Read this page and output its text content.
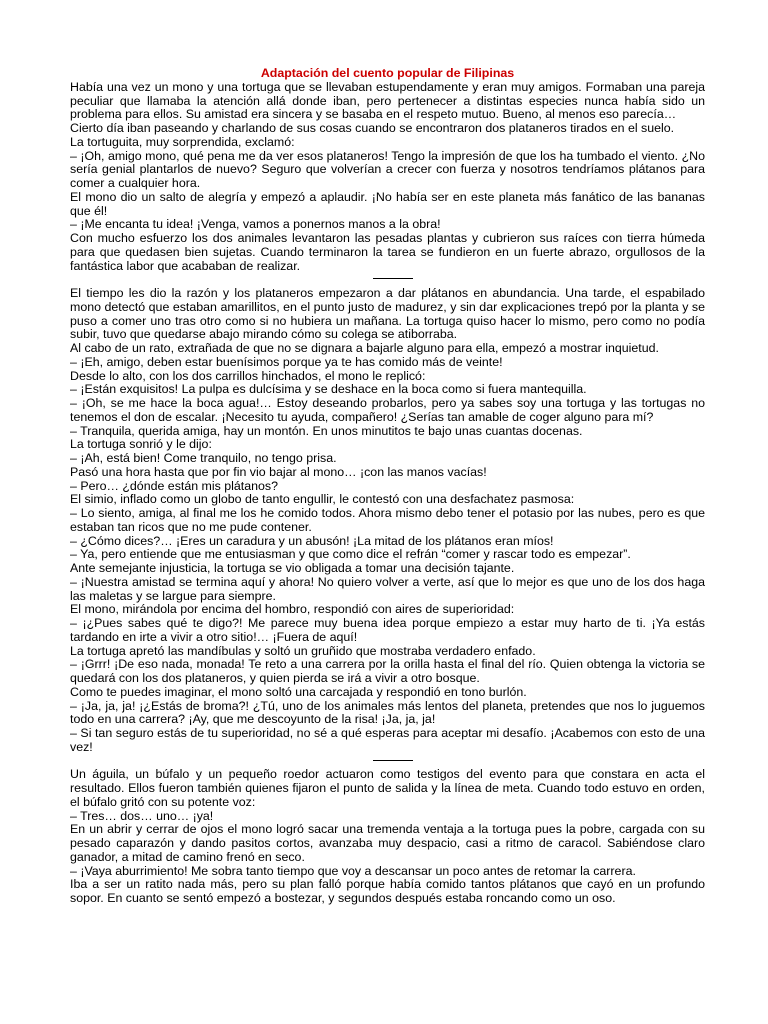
Adaptación del cuento popular de Filipinas
Había una vez un mono y una tortuga que se llevaban estupendamente y eran muy amigos. Formaban una pareja peculiar que llamaba la atención allá donde iban, pero pertenecer a distintas especies nunca había sido un problema para ellos. Su amistad era sincera y se basaba en el respeto mutuo. Bueno, al menos eso parecía…
Cierto día iban paseando y charlando de sus cosas cuando se encontraron dos plataneros tirados en el suelo.
La tortuguita, muy sorprendida, exclamó:
– ¡Oh, amigo mono, qué pena me da ver esos plataneros! Tengo la impresión de que los ha tumbado el viento. ¿No sería genial plantarlos de nuevo? Seguro que volverían a crecer con fuerza y nosotros tendríamos plátanos para comer a cualquier hora.
El mono dio un salto de alegría y empezó a aplaudir. ¡No había ser en este planeta más fanático de las bananas que él!
– ¡Me encanta tu idea! ¡Venga, vamos a ponernos manos a la obra!
Con mucho esfuerzo los dos animales levantaron las pesadas plantas y cubrieron sus raíces con tierra húmeda para que quedasen bien sujetas. Cuando terminaron la tarea se fundieron en un fuerte abrazo, orgullosos de la fantástica labor que acababan de realizar.
El tiempo les dio la razón y los plataneros empezaron a dar plátanos en abundancia. Una tarde, el espabilado mono detectó que estaban amarillitos, en el punto justo de madurez, y sin dar explicaciones trepó por la planta y se puso a comer uno tras otro como si no hubiera un mañana. La tortuga quiso hacer lo mismo, pero como no podía subir, tuvo que quedarse abajo mirando cómo su colega se atiborraba.
Al cabo de un rato, extrañada de que no se dignara a bajarle alguno para ella, empezó a mostrar inquietud.
– ¡Eh, amigo, deben estar buenísimos porque ya te has comido más de veinte!
Desde lo alto, con los dos carrillos hinchados, el mono le replicó:
– ¡Están exquisitos! La pulpa es dulcísima y se deshace en la boca como si fuera mantequilla.
– ¡Oh, se me hace la boca agua!… Estoy deseando probarlos, pero ya sabes soy una tortuga y las tortugas no tenemos el don de escalar. ¡Necesito tu ayuda, compañero! ¿Serías tan amable de coger alguno para mí?
– Tranquila, querida amiga, hay un montón. En unos minutitos te bajo unas cuantas docenas.
La tortuga sonrió y le dijo:
– ¡Ah, está bien! Come tranquilo, no tengo prisa.
Pasó una hora hasta que por fin vio bajar al mono… ¡con las manos vacías!
– Pero… ¿dónde están mis plátanos?
El simio, inflado como un globo de tanto engullir, le contestó con una desfachatez pasmosa:
– Lo siento, amiga, al final me los he comido todos. Ahora mismo debo tener el potasio por las nubes, pero es que estaban tan ricos que no me pude contener.
– ¿Cómo dices?… ¡Eres un caradura y un abusón! ¡La mitad de los plátanos eran míos!
– Ya, pero entiende que me entusiasman y que como dice el refrán “comer y rascar todo es empezar”.
Ante semejante injusticia, la tortuga se vio obligada a tomar una decisión tajante.
– ¡Nuestra amistad se termina aquí y ahora! No quiero volver a verte, así que lo mejor es que uno de los dos haga las maletas y se largue para siempre.
El mono, mirándola por encima del hombro, respondió con aires de superioridad:
– ¡¿Pues sabes qué te digo?! Me parece muy buena idea porque empiezo a estar muy harto de ti. ¡Ya estás tardando en irte a vivir a otro sitio!… ¡Fuera de aquí!
La tortuga apretó las mandíbulas y soltó un gruñido que mostraba verdadero enfado.
– ¡Grrr! ¡De eso nada, monada! Te reto a una carrera por la orilla hasta el final del río. Quien obtenga la victoria se quedará con los dos plataneros, y quien pierda se irá a vivir a otro bosque.
Como te puedes imaginar, el mono soltó una carcajada y respondió en tono burlón.
– ¡Ja, ja, ja! ¡¿Estás de broma?! ¿Tú, uno de los animales más lentos del planeta, pretendes que nos lo juguemos todo en una carrera? ¡Ay, que me descoyunto de la risa! ¡Ja, ja, ja!
– Si tan seguro estás de tu superioridad, no sé a qué esperas para aceptar mi desafío. ¡Acabemos con esto de una vez!
Un águila, un búfalo y un pequeño roedor actuaron como testigos del evento para que constara en acta el resultado. Ellos fueron también quienes fijaron el punto de salida y la línea de meta. Cuando todo estuvo en orden, el búfalo gritó con su potente voz:
– Tres… dos… uno… ¡ya!
En un abrir y cerrar de ojos el mono logró sacar una tremenda ventaja a la tortuga pues la pobre, cargada con su pesado caparazón y dando pasitos cortos, avanzaba muy despacio, casi a ritmo de caracol. Sabiéndose claro ganador, a mitad de camino frenó en seco.
– ¡Vaya aburrimiento! Me sobra tanto tiempo que voy a descansar un poco antes de retomar la carrera.
Iba a ser un ratito nada más, pero su plan falló porque había comido tantos plátanos que cayó en un profundo sopor. En cuanto se sentó empezó a bostezar, y segundos después estaba roncando como un oso.
